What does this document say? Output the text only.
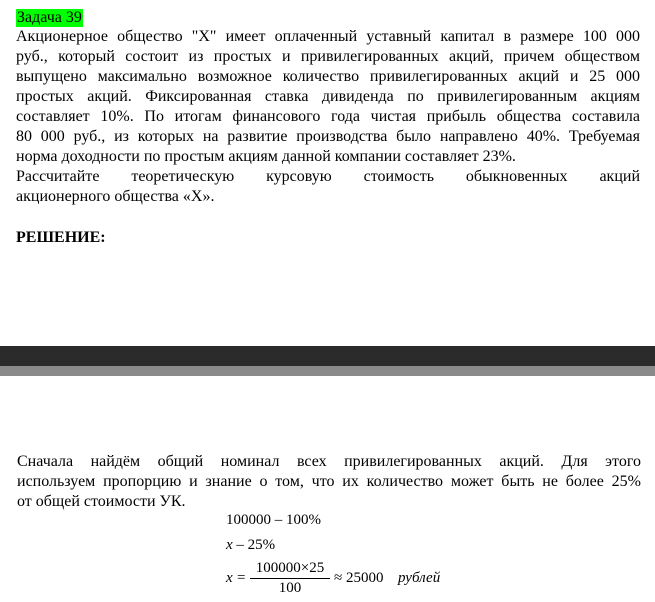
Задача 39
Акционерное общество "Х" имеет оплаченный уставный капитал в размере 100 000
руб., который состоит из простых и привилегированных акций, причем обществом
выпущено максимально возможное количество привилегированных акций и 25 000
простых акций. Фиксированная ставка дивиденда по привилегированным акциям
составляет 10%. По итогам финансового года чистая прибыль общества составила
80 000 руб., из которых на развитие производства было направлено 40%. Требуемая
норма доходности по простым акциям данной компании составляет 23%.
Рассчитайте теоретическую курсовую стоимость обыкновенных акций
акционерного общества «Х».
РЕШЕНИЕ:
Сначала найдём общий номинал всех привилегированных акций. Для этого
используем пропорцию и знание о том, что их количество может быть не более 25%
от общей стоимости УК.
100000 – 100%
x – 25%
$x = \frac{100000\times 25}{100} \approx 25000$ рублей
